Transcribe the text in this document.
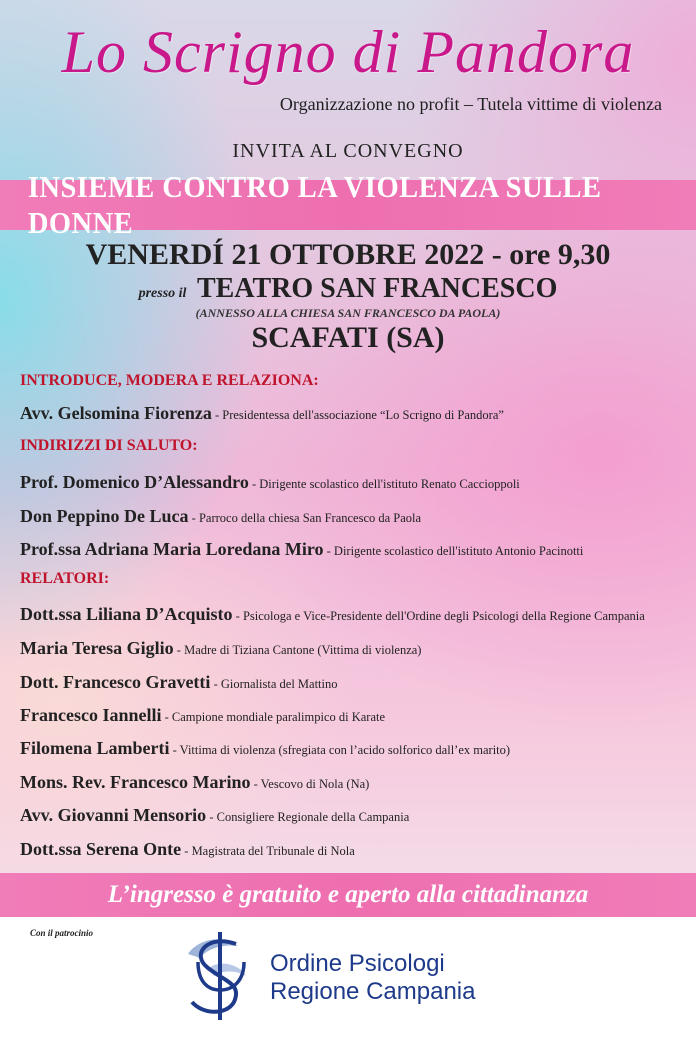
Lo Scrigno di Pandora
Organizzazione no profit – Tutela vittime di violenza
INVITA AL CONVEGNO
INSIEME CONTRO LA VIOLENZA SULLE DONNE
VENERDÍ 21 OTTOBRE 2022 - ore 9,30
presso il TEATRO SAN FRANCESCO
(ANNESSO ALLA CHIESA SAN FRANCESCO DA PAOLA)
SCAFATI (SA)
INTRODUCE, MODERA E RELAZIONA:
Avv. Gelsomina Fiorenza - Presidentessa dell'associazione “Lo Scrigno di Pandora”
INDIRIZZI DI SALUTO:
Prof. Domenico D’Alessandro - Dirigente scolastico dell'istituto Renato Caccioppoli
Don Peppino De Luca - Parroco della chiesa San Francesco da Paola
Prof.ssa Adriana Maria Loredana Miro - Dirigente scolastico dell'istituto Antonio Pacinotti
RELATORI:
Dott.ssa Liliana D’Acquisto - Psicologa e Vice-Presidente dell'Ordine degli Psicologi della Regione Campania
Maria Teresa Giglio - Madre di Tiziana Cantone (Vittima di violenza)
Dott. Francesco Gravetti - Giornalista del Mattino
Francesco Iannelli - Campione mondiale paralimpico di Karate
Filomena Lamberti - Vittima di violenza (sfregiata con l’acido solforico dall’ex marito)
Mons. Rev. Francesco Marino - Vescovo di Nola (Na)
Avv. Giovanni Mensorio - Consigliere Regionale della Campania
Dott.ssa Serena Onte - Magistrata del Tribunale di Nola
L’ingresso è gratuito e aperto alla cittadinanza
Con il patrocinio
Ordine Psicologi
Regione Campania
